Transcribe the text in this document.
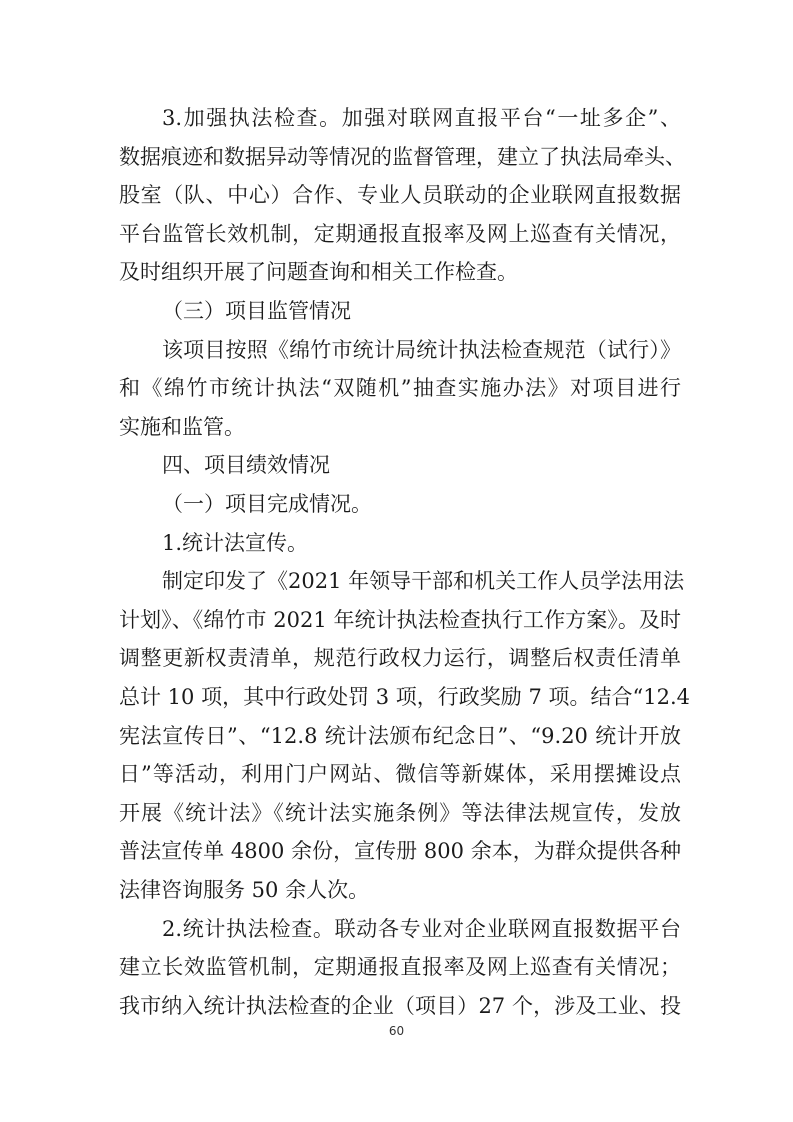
3.加强执法检查。加强对联网直报平台“一址多企”、
数据痕迹和数据异动等情况的监督管理，建立了执法局牵头、
股室（队、中心）合作、专业人员联动的企业联网直报数据
平台监管长效机制，定期通报直报率及网上巡查有关情况，
及时组织开展了问题查询和相关工作检查。
（三）项目监管情况
该项目按照《绵竹市统计局统计执法检查规范（试行）》
和《绵竹市统计执法“双随机”抽查实施办法》对项目进行
实施和监管。
四、项目绩效情况
（一）项目完成情况。
1.统计法宣传。
制定印发了《2021 年领导干部和机关工作人员学法用法
计划》、《绵竹市 2021 年统计执法检查执行工作方案》。及时
调整更新权责清单，规范行政权力运行，调整后权责任清单
总计 10 项，其中行政处罚 3 项，行政奖励 7 项。结合“12.4
宪法宣传日”、“12.8 统计法颁布纪念日”、“9.20 统计开放
日”等活动，利用门户网站、微信等新媒体，采用摆摊设点
开展《统计法》《统计法实施条例》等法律法规宣传，发放
普法宣传单 4800 余份，宣传册 800 余本，为群众提供各种
法律咨询服务 50 余人次。
2.统计执法检查。联动各专业对企业联网直报数据平台
建立长效监管机制，定期通报直报率及网上巡查有关情况；
我市纳入统计执法检查的企业（项目）27 个，涉及工业、投
60
